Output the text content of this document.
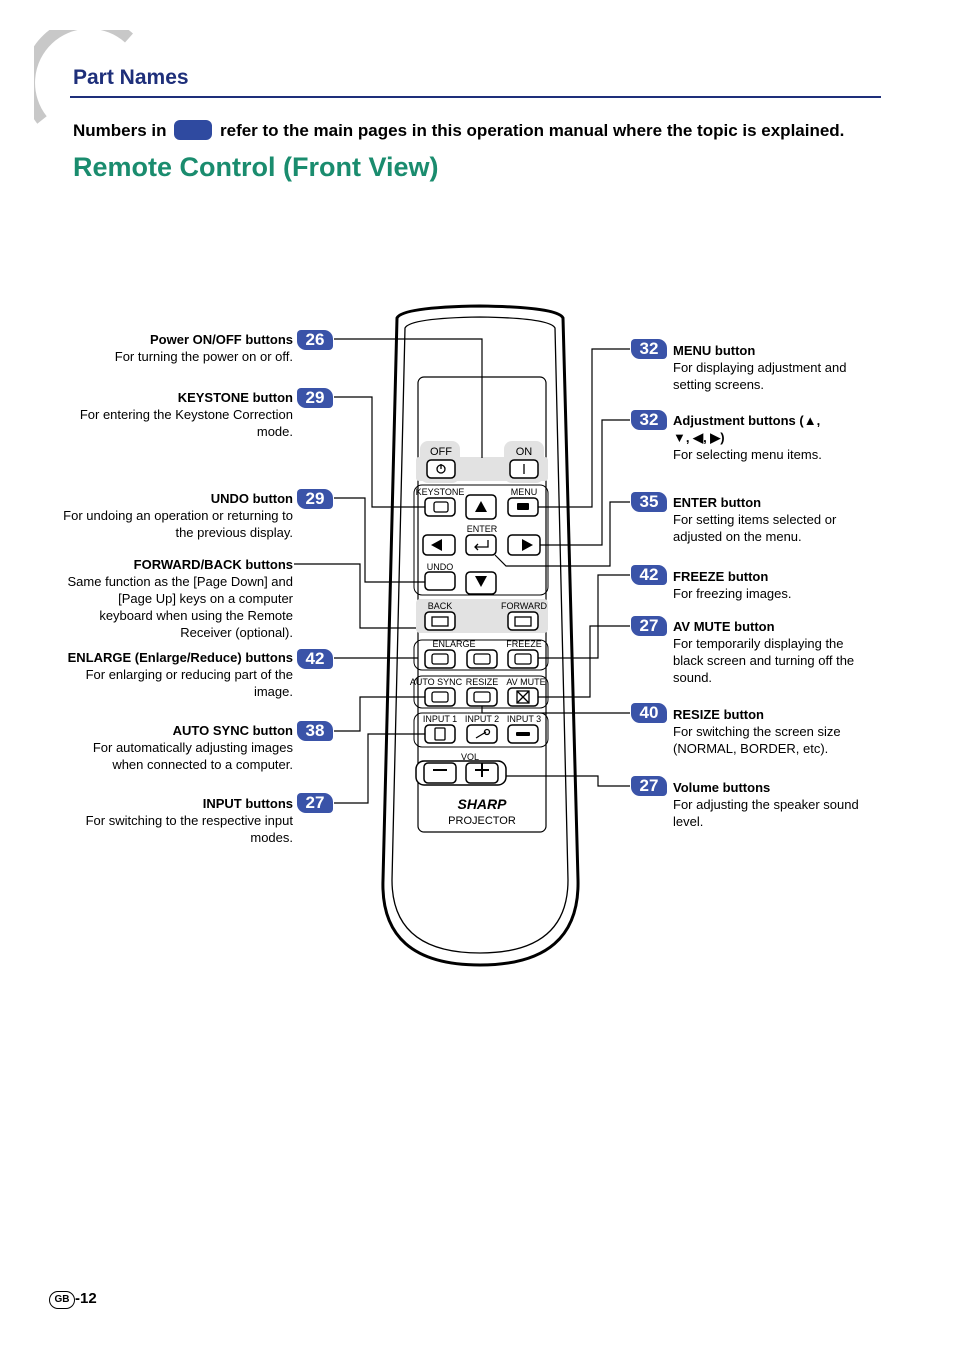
Part Names
Numbers in	refer to the main pages in this operation manual where the topic is explained.
Remote Control (Front View)
OFF	ON
KEYSTONE	MENU
ENTER
UNDO
BACK	FORWARD
ENLARGE	FREEZE
AUTO SYNC RESIZE AV MUTE
INPUT 1 INPUT 2 INPUT 3
VOL
SHARP
PROJECTOR
Power ON/OFF buttons
For turning the power on or off.
26
KEYSTONE button
For entering the Keystone Correction mode.
29
UNDO button
For undoing an operation or returning to the previous display.
29
FORWARD/BACK buttons
Same function as the [Page Down] and [Page Up] keys on a computer keyboard when using the Remote Receiver (optional).
ENLARGE (Enlarge/Reduce) buttons
For enlarging or reducing part of the image.
42
AUTO SYNC button
For automatically adjusting images when connected to a computer.
38
INPUT buttons
For switching to the respective input modes.
27
32	MENU button
For displaying adjustment and setting screens.
32	Adjustment buttons (▲, ▼, ◀, ▶)
For selecting menu items.
35	ENTER button
For setting items selected or adjusted on the menu.
42	FREEZE button
For freezing images.
27	AV MUTE button
For temporarily displaying the black screen and turning off the sound.
40	RESIZE button
For switching the screen size (NORMAL, BORDER, etc).
27	Volume buttons
For adjusting the speaker sound level.
GB -12
